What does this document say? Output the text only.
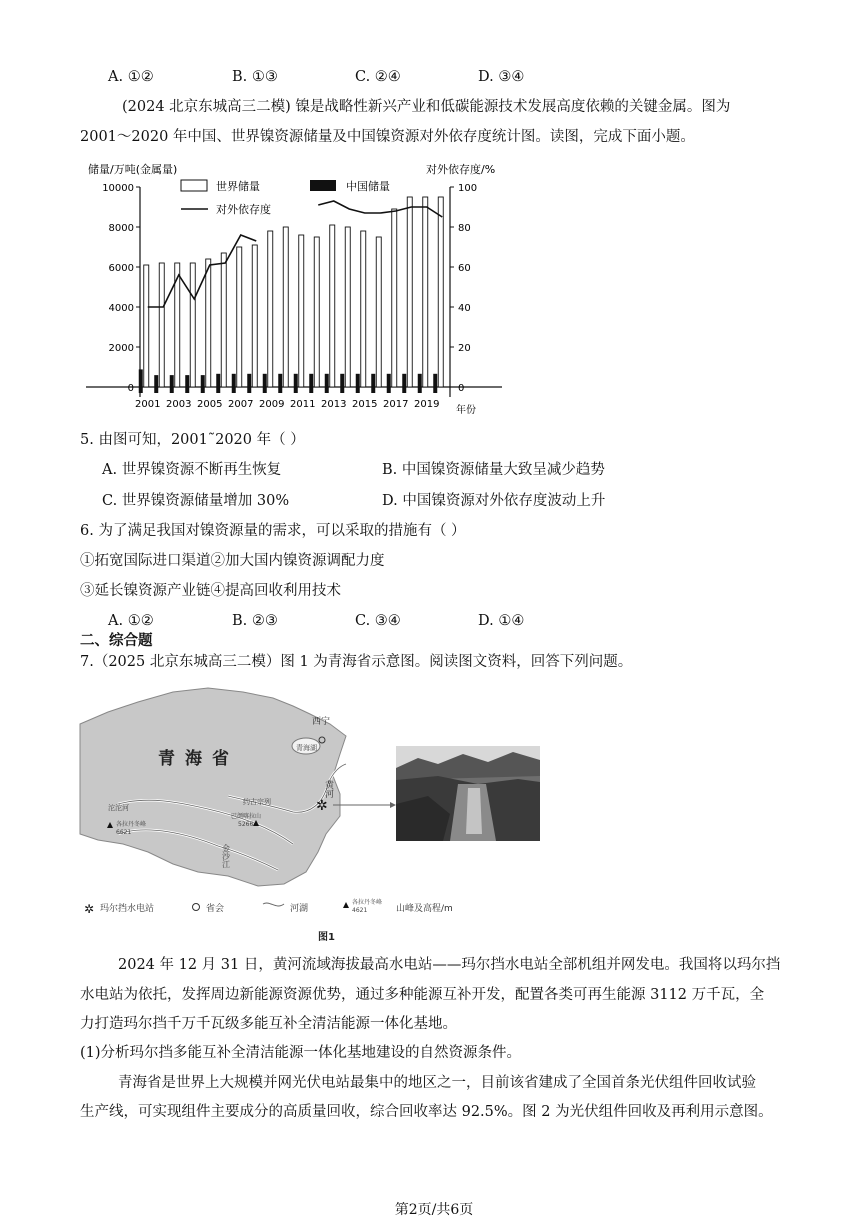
A. ①②	B. ①③	C. ②④	D. ③④
(2024 北京东城高三二模) 镍是战略性新兴产业和低碳能源技术发展高度依赖的关键金属。图为
2001～2020 年中国、世界镍资源储量及中国镍资源对外依存度统计图。读图，完成下面小题。
储量/万吨(金属量)	对外依存度/%
10000
8000
6000
4000
2000
0
100
80
60
40
20
0
2001 2003 2005 2007 2009 2011 2013 2015 2017 2019
年份
世界储量	中国储量
对外依存度
5. 由图可知，2001˜2020 年（ ）
A. 世界镍资源不断再生恢复	B. 中国镍资源储量大致呈减少趋势
C. 世界镍资源储量增加 30%	D. 中国镍资源对外依存度波动上升
6. 为了满足我国对镍资源量的需求，可以采取的措施有（ ）
①拓宽国际进口渠道②加大国内镍资源调配力度
③延长镍资源产业链④提高回收利用技术
A. ①②	B. ②③	C. ③④	D. ①④
二、综合题
7.（2025 北京东城高三二模）图 1 为青海省示意图。阅读图文资料，回答下列问题。
青海湖
青海省
西宁
黄河
约古宗列
巴颜喀拉山
5266
沱沱河
各拉丹冬峰
6621
金沙江
✲
✲ 玛尔挡水电站	省会	河湖
各拉丹冬峰
4621	山峰及高程/m
图1
2024 年 12 月 31 日，黄河流域海拔最高水电站——玛尔挡水电站全部机组并网发电。我国将以玛尔挡
水电站为依托，发挥周边新能源资源优势，通过多种能源互补开发，配置各类可再生能源 3112 万千瓦，全
力打造玛尔挡千万千瓦级多能互补全清洁能源一体化基地。
(1)分析玛尔挡多能互补全清洁能源一体化基地建设的自然资源条件。
青海省是世界上大规模并网光伏电站最集中的地区之一，目前该省建成了全国首条光伏组件回收试验
生产线，可实现组件主要成分的高质量回收，综合回收率达 92.5%。图 2 为光伏组件回收及再利用示意图。
第2页/共6页
